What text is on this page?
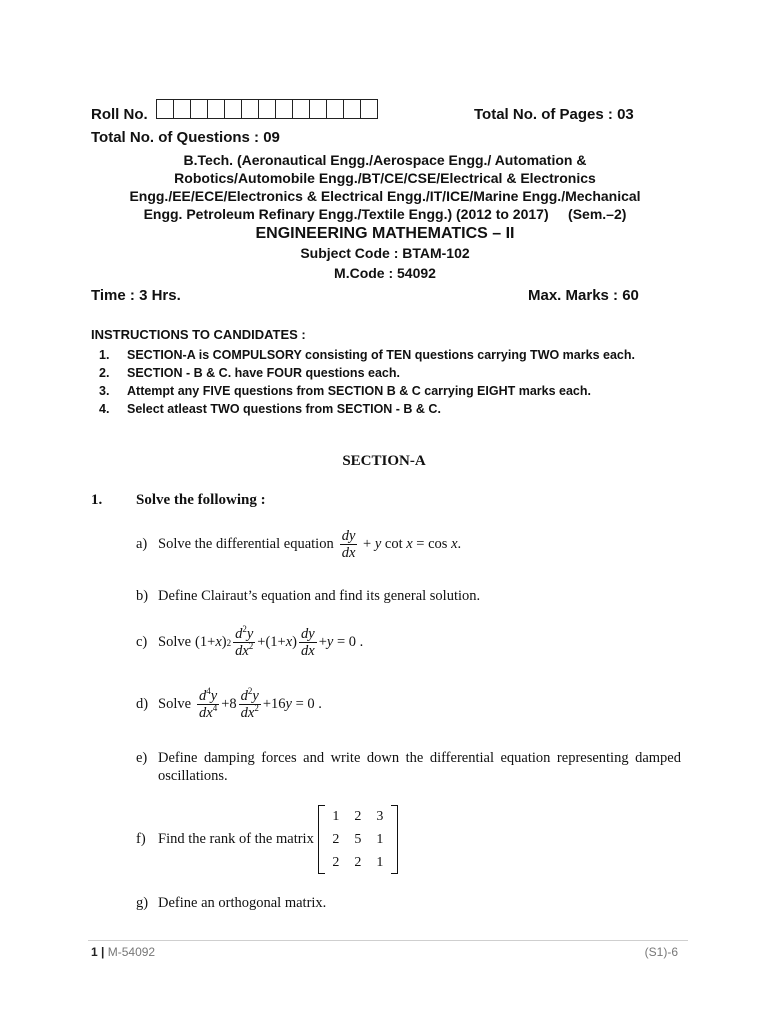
Roll No.	Total No. of Pages : 03
Total No. of Questions : 09
B.Tech. (Aeronautical Engg./Aerospace Engg./ Automation &
Robotics/Automobile Engg./BT/CE/CSE/Electrical & Electronics
Engg./EE/ECE/Electronics & Electrical Engg./IT/ICE/Marine Engg./Mechanical
Engg. Petroleum Refinary Engg./Textile Engg.) (2012 to 2017)     (Sem.–2)
ENGINEERING MATHEMATICS – II
Subject Code : BTAM-102
M.Code : 54092
Time : 3 Hrs.	Max. Marks : 60
INSTRUCTIONS TO CANDIDATES :
1.	SECTION-A is COMPULSORY consisting of TEN questions carrying TWO marks each.
2.	SECTION - B & C. have FOUR questions each.
3.	Attempt any FIVE questions from SECTION B & C carrying EIGHT marks each.
4.	Select atleast TWO questions from SECTION - B & C.
SECTION-A
1. Solve the following :
a) Solve the differential equation $\frac{dy}{dx} + y$ cot x = cos x.
b) Define Clairaut’s equation and find its general solution.
c) Solve (1 + x ) $2 \frac{d^2y}{dx^2} +(1+ x$ ) $\frac{dy}{dx} + y = 0$ .
d) Solve $\frac{d^4y}{dx^4} +8 \frac{d^2y}{dx^2} +16$ y = 0 .
e) Define damping forces and write down the differential equation representing damped oscillations.
f) Find the rank of the matrix
1	2	3
2	5	1
2	2	1
g) Define an orthogonal matrix.
1 | M-54092	(S1)-6
